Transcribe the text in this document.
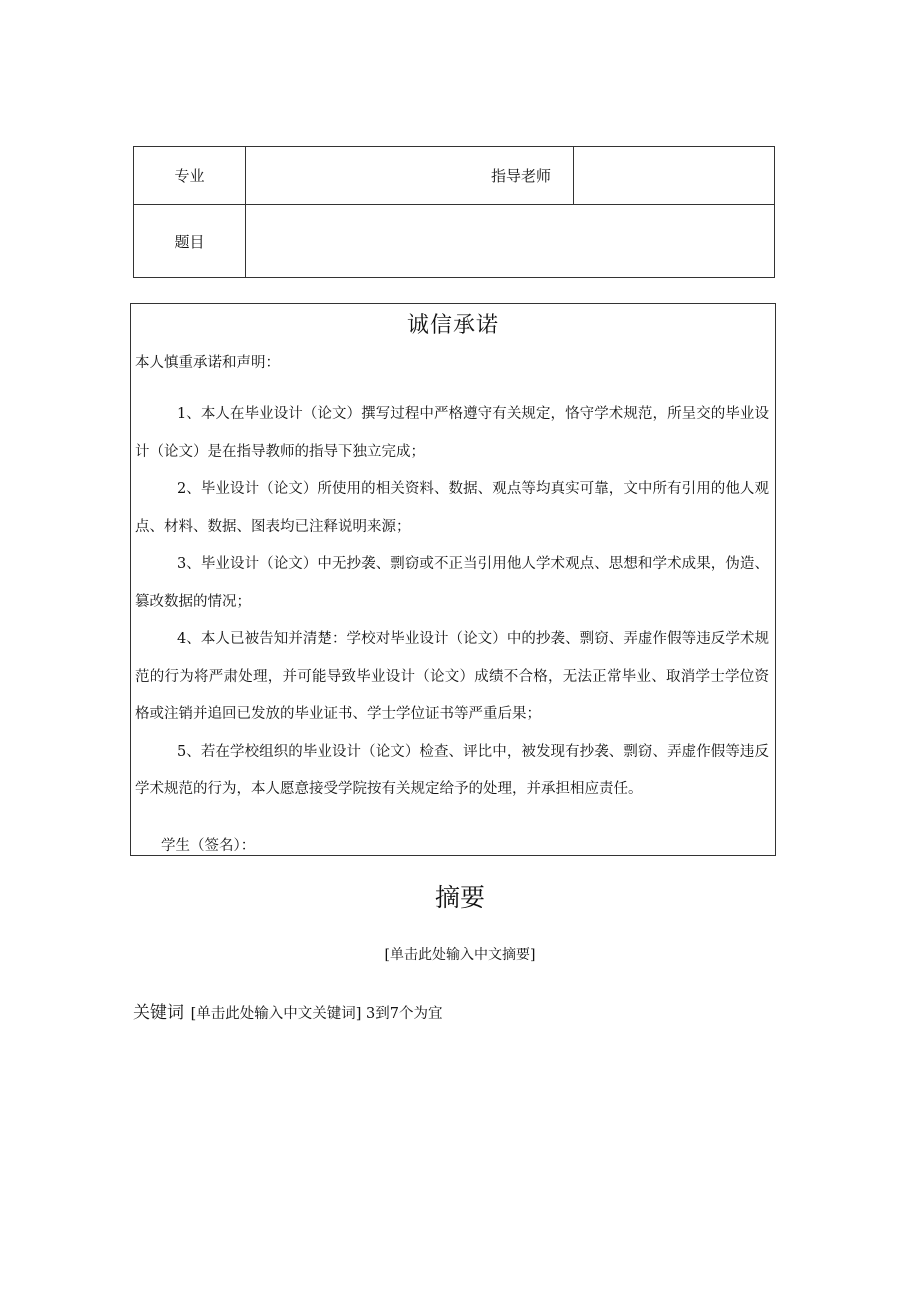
专业	指导老师	
题目		
诚信承诺
本人慎重承诺和声明：

1、本人在毕业设计（论文）撰写过程中严格遵守有关规定，恪守学术规范，所呈交的毕业设计（论文）是在指导教师的指导下独立完成；

2、毕业设计（论文）所使用的相关资料、数据、观点等均真实可靠，文中所有引用的他人观点、材料、数据、图表均已注释说明来源；

3、毕业设计（论文）中无抄袭、剽窃或不正当引用他人学术观点、思想和学术成果，伪造、篡改数据的情况；

4、本人已被告知并清楚：学校对毕业设计（论文）中的抄袭、剽窃、弄虚作假等违反学术规范的行为将严肃处理，并可能导致毕业设计（论文）成绩不合格，无法正常毕业、取消学士学位资格或注销并追回已发放的毕业证书、学士学位证书等严重后果；

5、若在学校组织的毕业设计（论文）检查、评比中，被发现有抄袭、剽窃、弄虚作假等违反学术规范的行为，本人愿意接受学院按有关规定给予的处理，并承担相应责任。

学生（签名）：
摘要
[单击此处输入中文摘要]
关键词 [单击此处输入中文关键词] 3到7个为宜
